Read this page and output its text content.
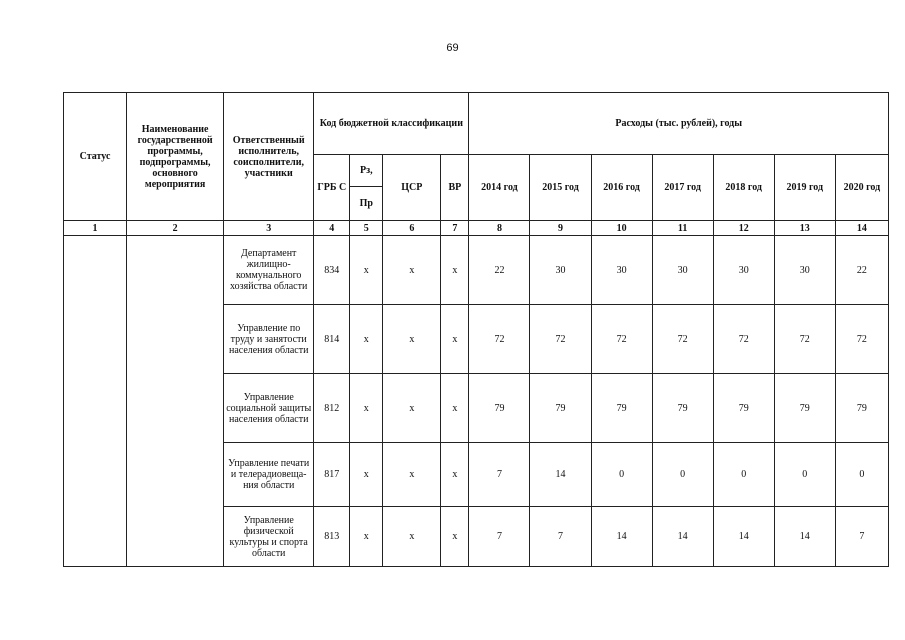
69
Статус	Наименование государственной программы, подпрограммы, основного мероприятия	Ответственный исполнитель, соисполнители, участники	Код бюджетной классификации				Расходы (тыс. рублей), годы						
			ГРБ С	Рз,	ЦСР	ВР	2014 год	2015 год	2016 год	2017 год	2018 год	2019 год	2020 год
				Пр									
1	2	3	4	5	6	7	8	9	10	11	12	13	14
		Департамент жилищно-коммунального хозяйства области	834	х	х	х	22	30	30	30	30	30	22
		Управление по труду и занятости населения области	814	х	х	х	72	72	72	72	72	72	72
		Управление социальной защиты населения области	812	х	х	х	79	79	79	79	79	79	79
		Управление печати и телерадиовеща-ния области	817	х	х	х	7	14	0	0	0	0	0
		Управление физической культуры и спорта области	813	х	х	х	7	7	14	14	14	14	7
